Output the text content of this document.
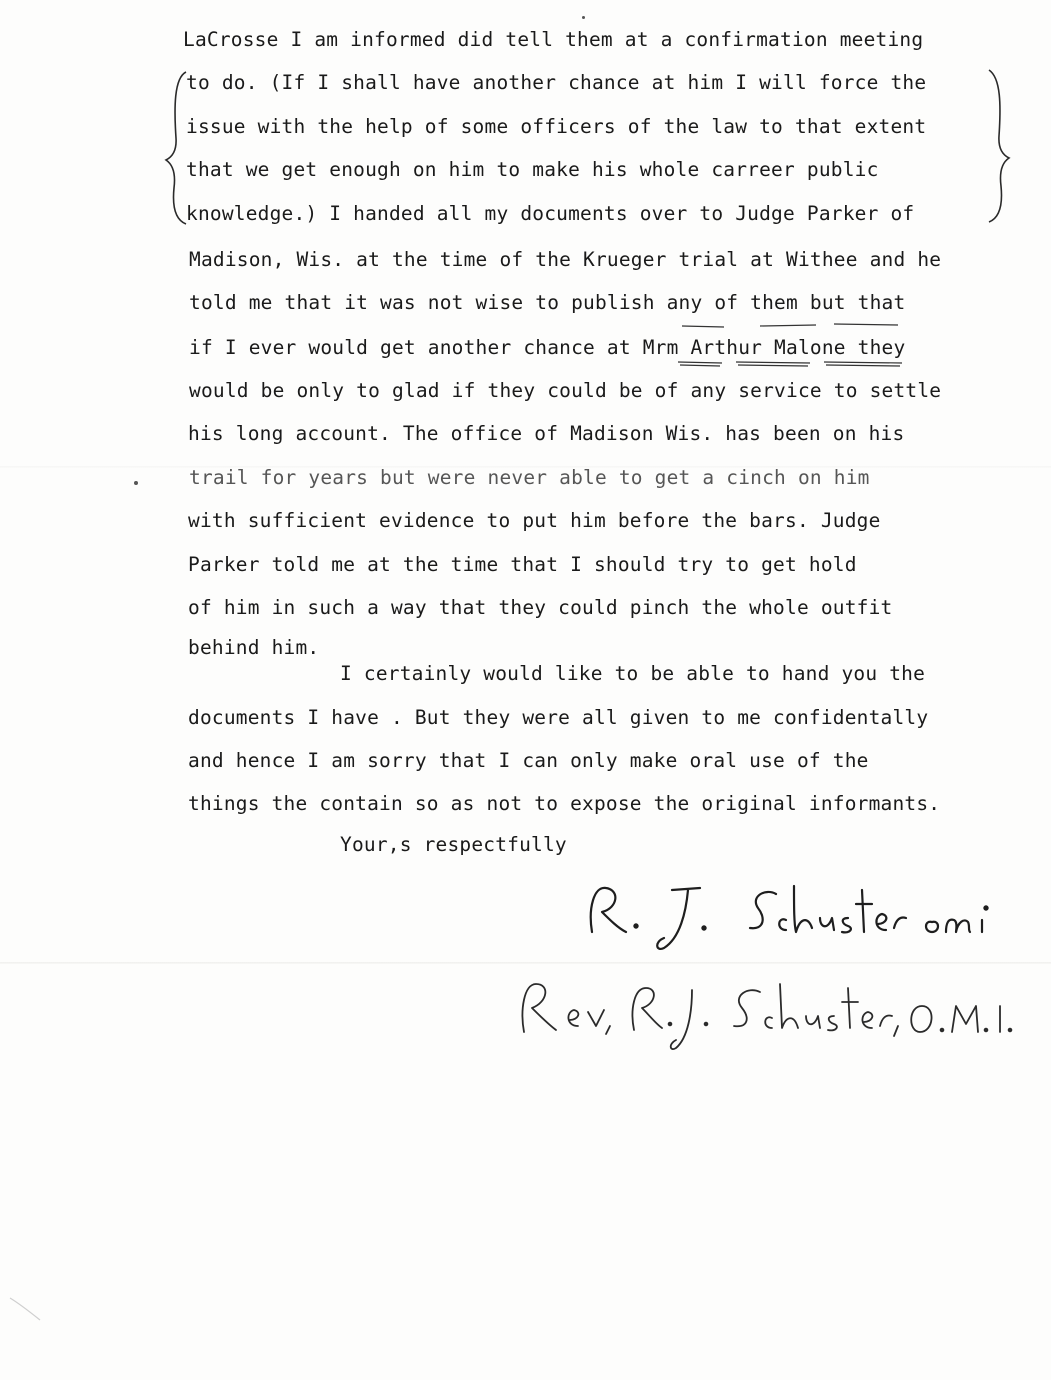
LaCrosse I am informed did tell them at a confirmation meeting
to do. (If I shall have another chance at him I will force the
issue with the help of some officers of the law to that extent
that we get enough on him to make his whole carreer public
knowledge.) I handed all my documents over to Judge Parker of
Madison, Wis. at the time of the Krueger trial at Withee and he
told me that it was not wise to publish any of them but that
if I ever would get another chance at Mrm Arthur Malone they
would be only to glad if they could be of any service to settle
his long account. The office of Madison Wis. has been on his
trail for years but were never able to get a cinch on him
with sufficient evidence to put him before the bars. Judge
Parker told me at the time that I should try to get hold
of him in such a way that they could pinch the whole outfit
behind him.
I certainly would like to be able to hand you the
documents I have . But they were all given to me confidentally
and hence I am sorry that I can only make oral use of the
things the contain so as not to expose the original informants.
Your,s respectfully
